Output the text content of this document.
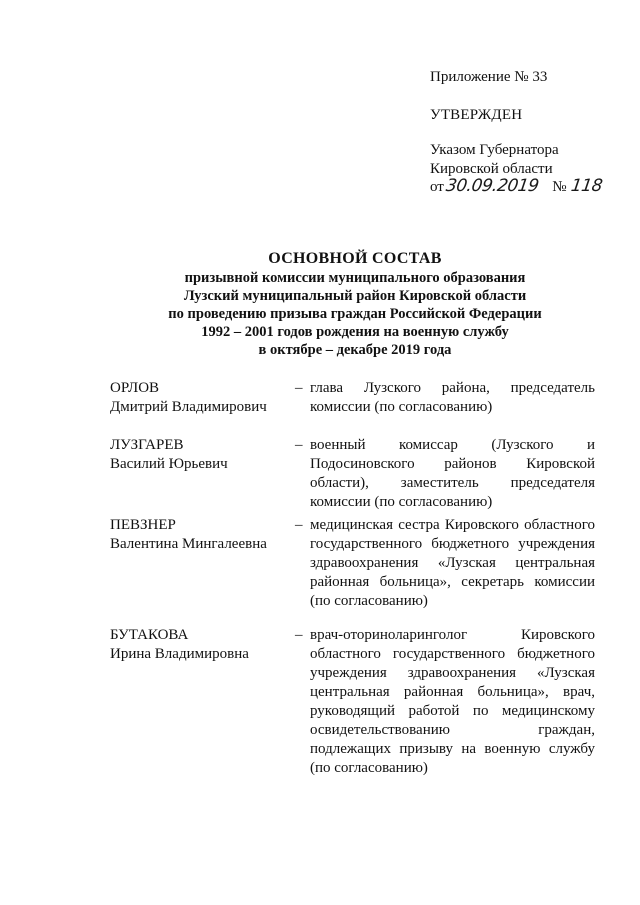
Приложение № 33
УТВЕРЖДЕН
Указом Губернатора
Кировской области
от 30.09.2019 № 118
ОСНОВНОЙ СОСТАВ
призывной комиссии муниципального образования
Лузский муниципальный район Кировской области
по проведению призыва граждан Российской Федерации
1992 – 2001 годов рождения на военную службу
в октябре – декабре 2019 года
ОРЛОВ
Дмитрий Владимирович
– глава Лузского района, председатель комиссии (по согласованию)
ЛУЗГАРЕВ
Василий Юрьевич
– военный комиссар (Лузского и Подосиновского районов Кировской области), заместитель председателя комиссии (по согласованию)
ПЕВЗНЕР
Валентина Мингалеевна
– медицинская сестра Кировского областного государственного бюджетного учреждения здравоохранения «Лузская центральная районная больница», секретарь комиссии (по согласованию)
БУТАКОВА
Ирина Владимировна
– врач-оториноларинголог Кировского областного государственного бюджетного учреждения здравоохранения «Лузская центральная районная больница», врач, руководящий работой по медицинскому освидетельствованию граждан, подлежащих призыву на военную службу (по согласованию)
